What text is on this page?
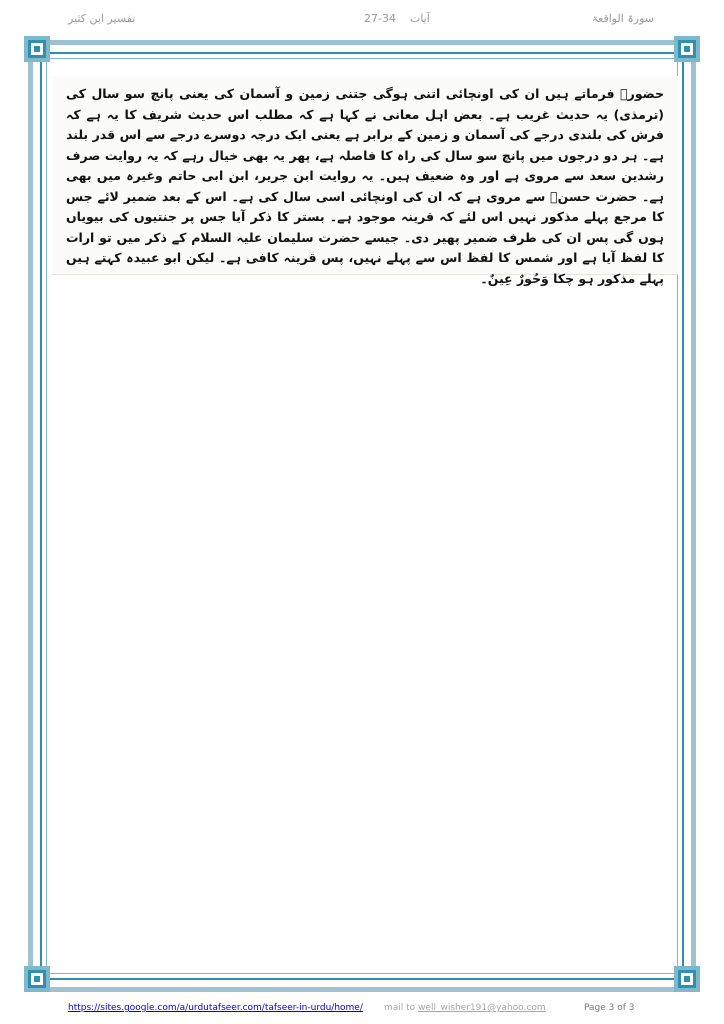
تفسیر ابن کثیر	27-34 آیات	سورۃ الواقعۃ

حضورؐ فرماتے ہیں ان کی اونچائی اتنی ہوگی جتنی زمین و آسمان کی یعنی پانچ سو سال کی (ترمذی) یہ حدیث غریب ہے۔ بعض اہل معانی نے کہا ہے کہ مطلب اس حدیث شریف کا یہ ہے کہ فرش کی بلندی درجے کی آسمان و زمین کے برابر ہے یعنی ایک درجہ دوسرے درجے سے اس قدر بلند ہے۔ ہر دو درجوں میں پانچ سو سال کی راہ کا فاصلہ ہے، پھر یہ بھی خیال رہے کہ یہ روایت صرف رشدین سعد سے مروی ہے اور وہ ضعیف ہیں۔ یہ روایت ابن جریر، ابن ابی حاتم وغیرہ میں بھی ہے۔ حضرت حسنؓ سے مروی ہے کہ ان کی اونچائی اسی سال کی ہے۔ اس کے بعد ضمیر لائے جس کا مرجع پہلے مذکور نہیں اس لئے کہ قرینہ موجود ہے۔ بستر کا ذکر آیا جس پر جنتیوں کی بیویاں ہوں گی پس ان کی طرف ضمیر پھیر دی۔ جیسے حضرت سلیمان علیہ السلام کے ذکر میں تو ارات کا لفظ آیا ہے اور شمس کا لفظ اس سے پہلے نہیں، پس قرینہ کافی ہے۔ لیکن ابو عبیدہ کہتے ہیں پہلے مذکور ہو چکا وَحُورٌ عِينٌ۔

https://sites.google.com/a/urdutafseer.com/tafseer-in-urdu/home/ mail to well_wisher191@yahoo.com	Page 3 of 3
